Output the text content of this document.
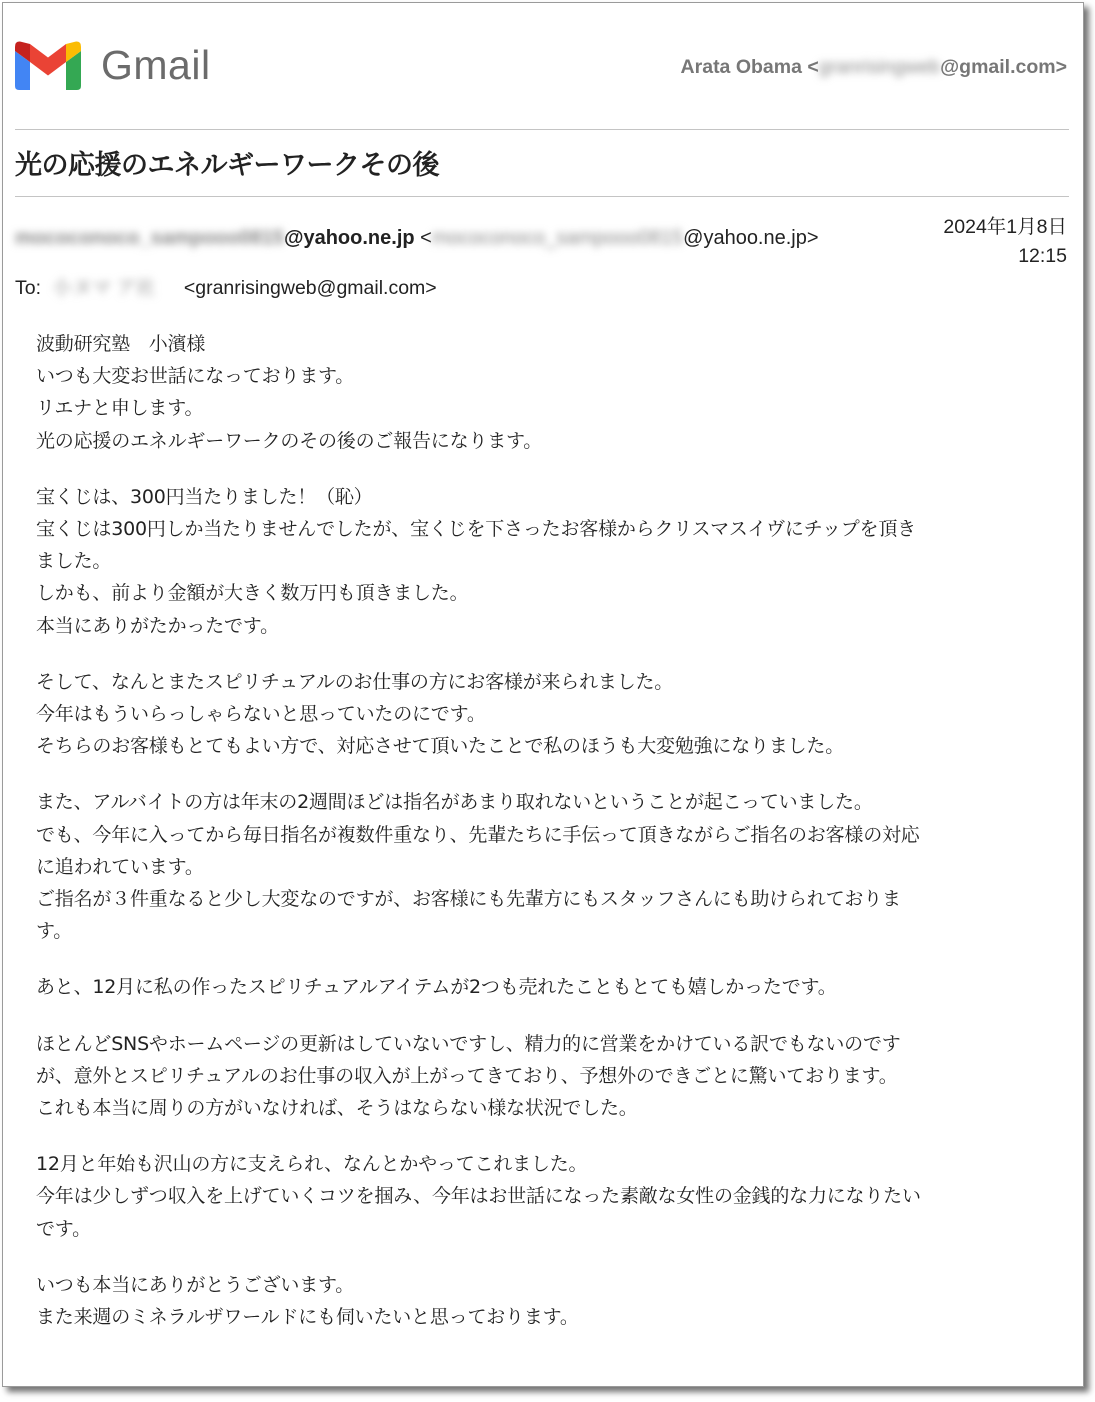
Gmail	Arata Obama <granrisingweb@gmail.com>
光の応援のエネルギーワークその後
mococonoco_sampooo0815@yahoo.ne.jp <mococonoco_sampooo0815@yahoo.ne.jp>	2024年1月8日
12:15
To: 小ヌマ ア社 <granrisingweb@gmail.com>

波動研究塾　小濱様
いつも大変お世話になっております。
リエナと申します。
光の応援のエネルギーワークのその後のご報告になります。

宝くじは、300円当たりました！（恥）
宝くじは300円しか当たりませんでしたが、宝くじを下さったお客様からクリスマスイヴにチップを頂き
ました。
しかも、前より金額が大きく数万円も頂きました。
本当にありがたかったです。

そして、なんとまたスピリチュアルのお仕事の方にお客様が来られました。
今年はもういらっしゃらないと思っていたのにです。
そちらのお客様もとてもよい方で、対応させて頂いたことで私のほうも大変勉強になりました。

また、アルバイトの方は年末の2週間ほどは指名があまり取れないということが起こっていました。
でも、今年に入ってから毎日指名が複数件重なり、先輩たちに手伝って頂きながらご指名のお客様の対応
に追われています。
ご指名が３件重なると少し大変なのですが、お客様にも先輩方にもスタッフさんにも助けられておりま
す。

あと、12月に私の作ったスピリチュアルアイテムが2つも売れたこともとても嬉しかったです。

ほとんどSNSやホームページの更新はしていないですし、精力的に営業をかけている訳でもないのです
が、意外とスピリチュアルのお仕事の収入が上がってきており、予想外のできごとに驚いております。
これも本当に周りの方がいなければ、そうはならない様な状況でした。

12月と年始も沢山の方に支えられ、なんとかやってこれました。
今年は少しずつ収入を上げていくコツを掴み、今年はお世話になった素敵な女性の金銭的な力になりたい
です。

いつも本当にありがとうございます。
また来週のミネラルザワールドにも伺いたいと思っております。
